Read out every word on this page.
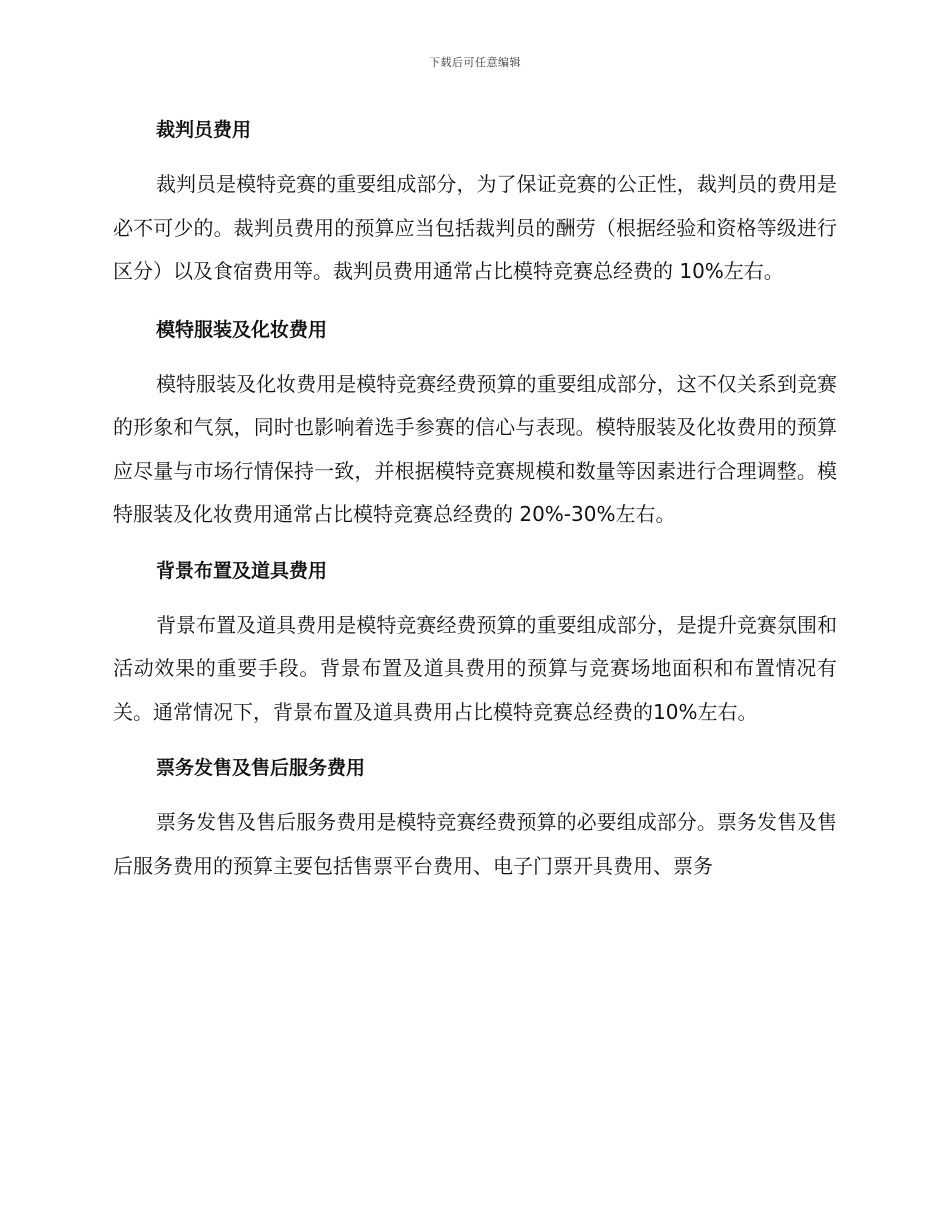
下载后可任意编辑
裁判员费用

裁判员是模特竞赛的重要组成部分，为了保证竞赛的公正性，裁判员的费用是必不可少的。裁判员费用的预算应当包括裁判员的酬劳（根据经验和资格等级进行区分）以及食宿费用等。裁判员费用通常占比模特竞赛总经费的 10%左右。

模特服装及化妆费用

模特服装及化妆费用是模特竞赛经费预算的重要组成部分，这不仅关系到竞赛的形象和气氛，同时也影响着选手参赛的信心与表现。模特服装及化妆费用的预算应尽量与市场行情保持一致，并根据模特竞赛规模和数量等因素进行合理调整。模特服装及化妆费用通常占比模特竞赛总经费的 20%-30%左右。

背景布置及道具费用

背景布置及道具费用是模特竞赛经费预算的重要组成部分，是提升竞赛氛围和活动效果的重要手段。背景布置及道具费用的预算与竞赛场地面积和布置情况有关。通常情况下，背景布置及道具费用占比模特竞赛总经费的10%左右。

票务发售及售后服务费用

票务发售及售后服务费用是模特竞赛经费预算的必要组成部分。票务发售及售后服务费用的预算主要包括售票平台费用、电子门票开具费用、票务
